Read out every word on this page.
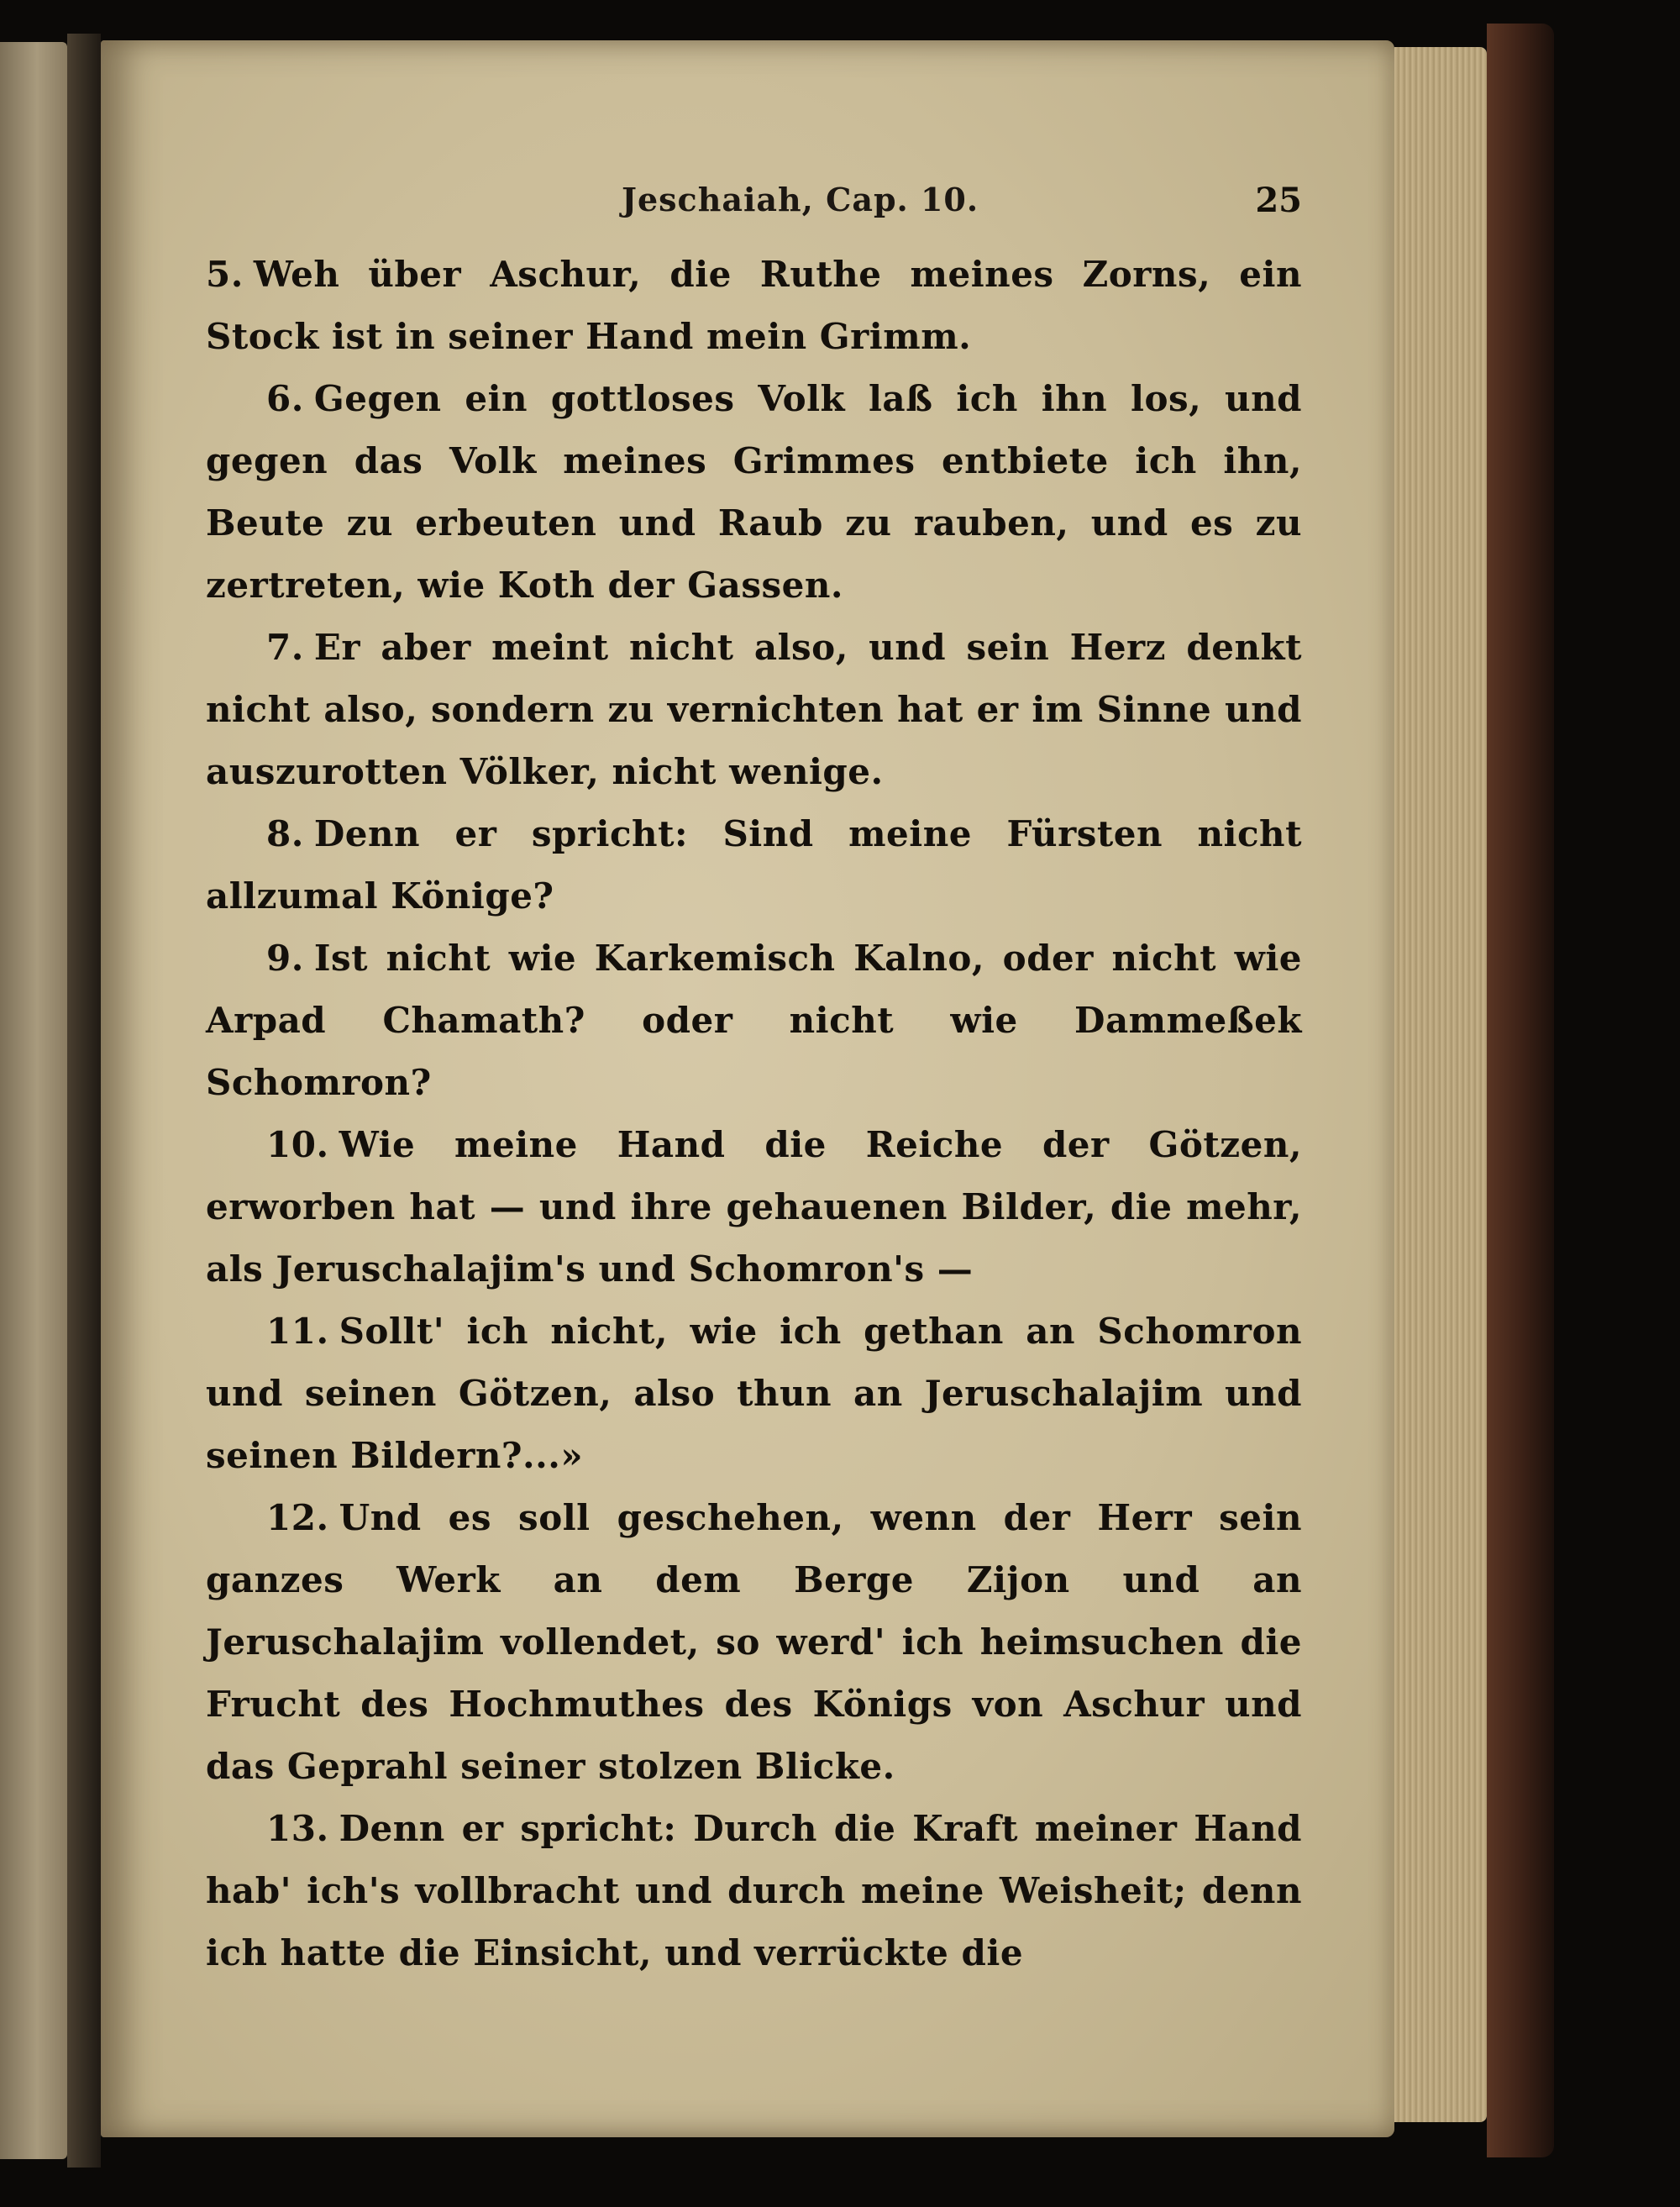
Jeschaiah, Cap. 10.	25

5. Weh über Aschur, die Ruthe meines Zorns, ein Stock ist in seiner Hand mein Grimm.

6. Gegen ein gottloses Volk laß ich ihn los, und gegen das Volk meines Grimmes entbiete ich ihn, Beute zu erbeuten und Raub zu rauben, und es zu zertreten, wie Koth der Gassen.

7. Er aber meint nicht also, und sein Herz denkt nicht also, sondern zu vernichten hat er im Sinne und auszurotten Völker, nicht wenige.

8. Denn er spricht: Sind meine Fürsten nicht allzumal Könige?

9. Ist nicht wie Karkemisch Kalno, oder nicht wie Arpad Chamath? oder nicht wie Dammeßek Schomron?

10. Wie meine Hand die Reiche der Götzen, erworben hat — und ihre gehauenen Bilder, die mehr, als Jeruschalajim's und Schomron's —

11. Sollt' ich nicht, wie ich gethan an Schomron und seinen Götzen, also thun an Jeruschalajim und seinen Bildern?...»

12. Und es soll geschehen, wenn der Herr sein ganzes Werk an dem Berge Zijon und an Jeruschalajim vollendet, so werd' ich heimsuchen die Frucht des Hochmuthes des Königs von Aschur und das Geprahl seiner stolzen Blicke.

13. Denn er spricht: Durch die Kraft meiner Hand hab' ich's vollbracht und durch meine Weisheit; denn ich hatte die Einsicht, und verrückte die
